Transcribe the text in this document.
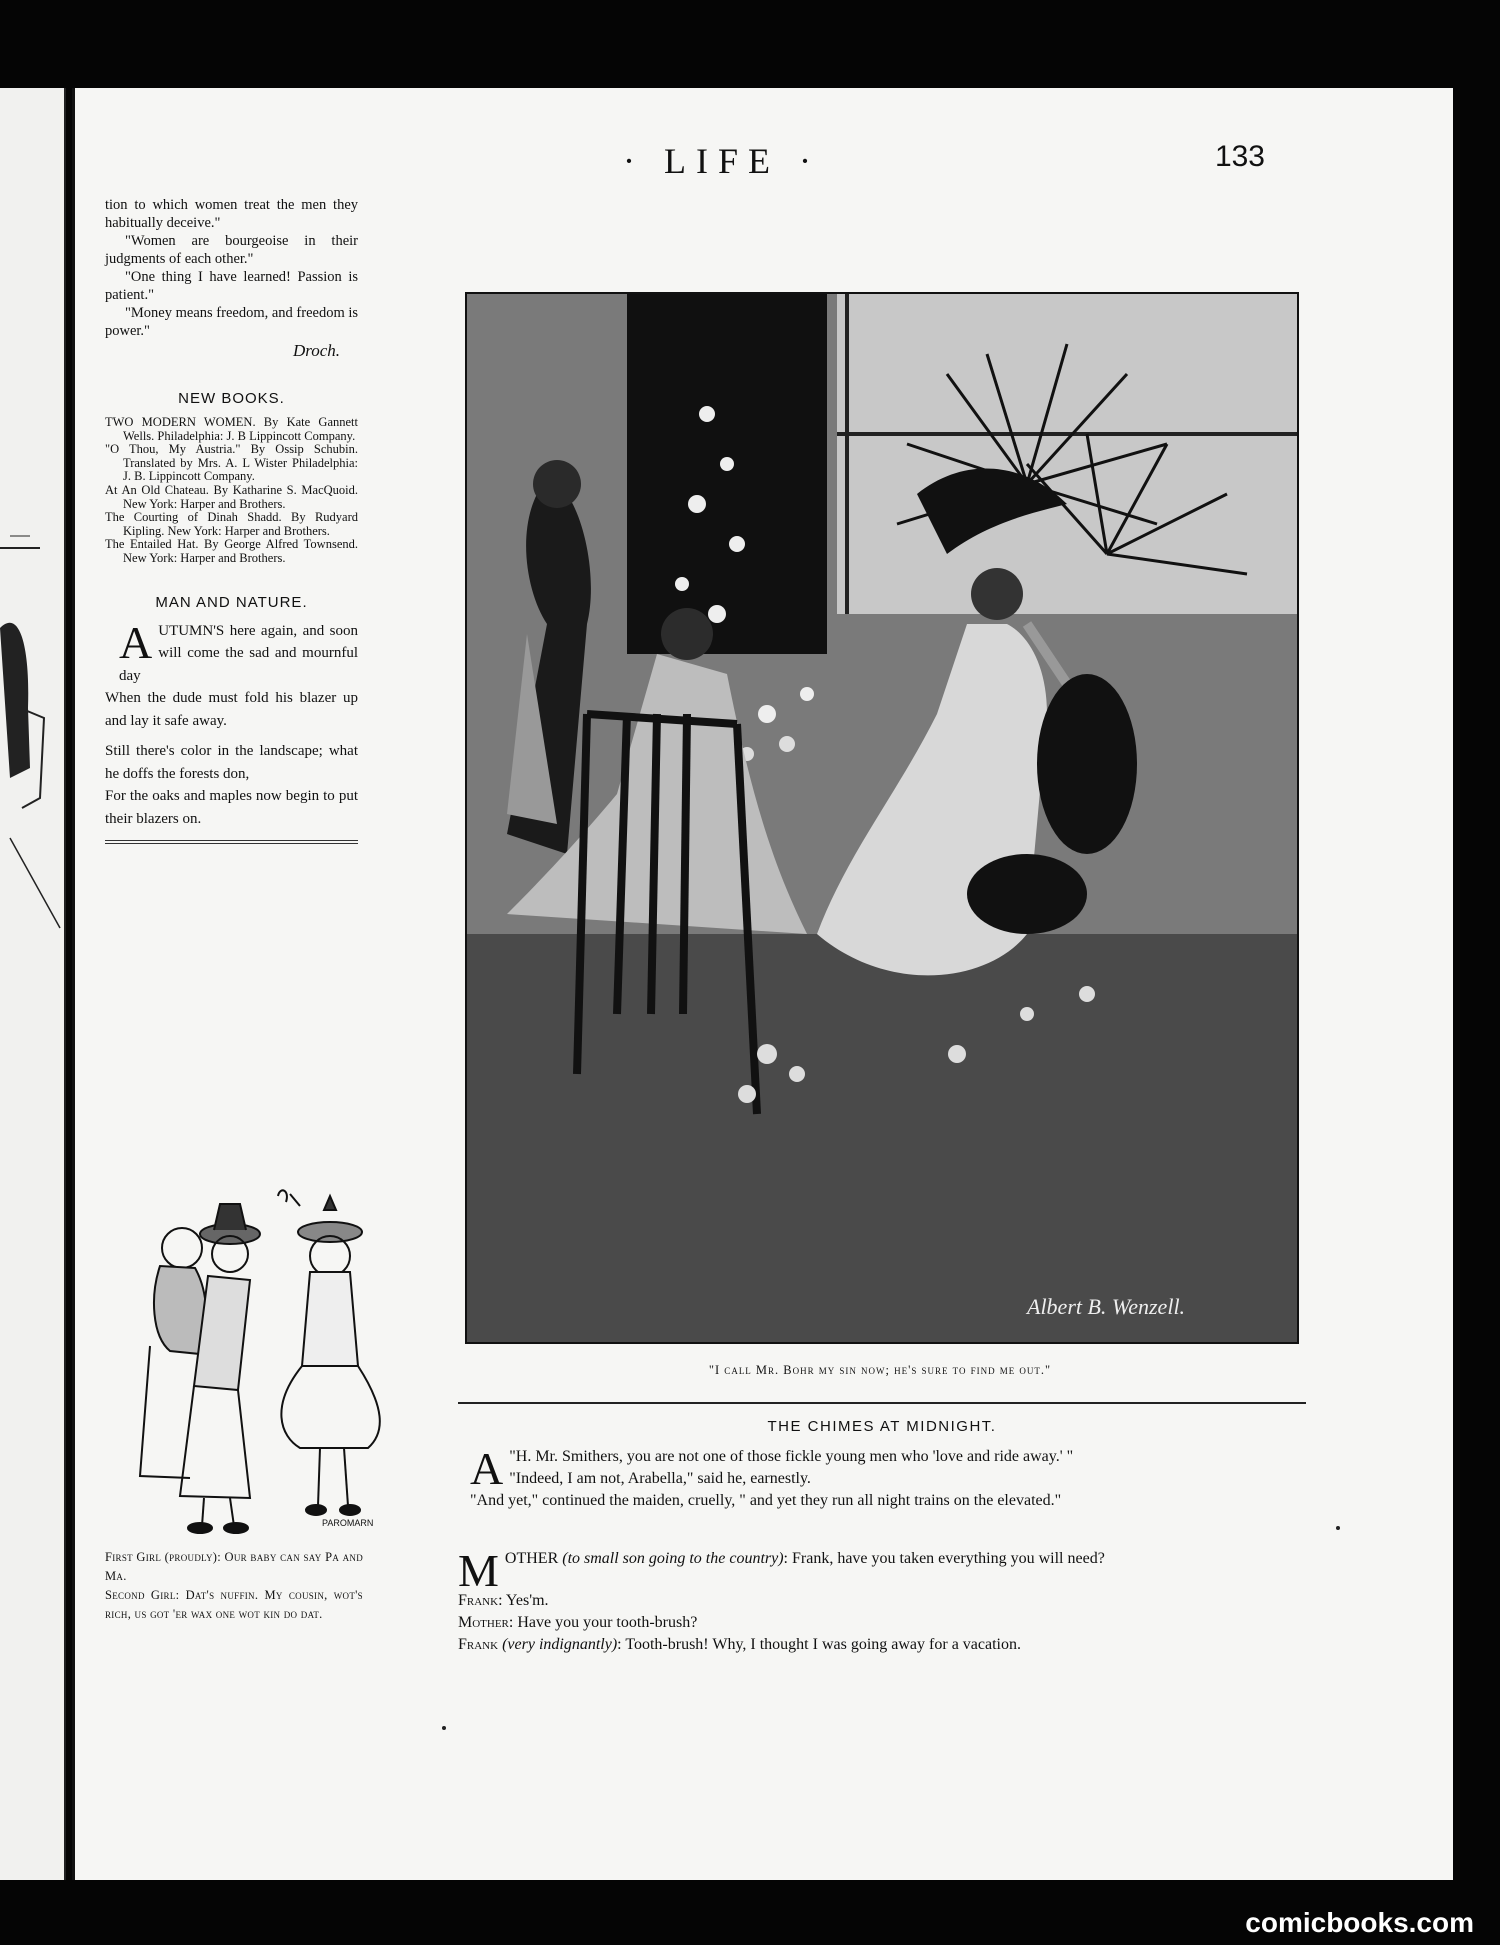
· LIFE ·	133

tion to which women treat the men they habitually deceive."

"Women are bourgeoise in their judgments of each other."

"One thing I have learned! Passion is patient."

"Money means freedom, and freedom is power."

Droch.

NEW BOOKS.

TWO MODERN WOMEN. By Kate Gannett Wells. Philadelphia: J. B Lippincott Company.

"O Thou, My Austria." By Ossip Schubin. Translated by Mrs. A. L Wister Philadelphia: J. B. Lippincott Company.

At An Old Chateau. By Katharine S. MacQuoid. New York: Harper and Brothers.

The Courting of Dinah Shadd. By Rudyard Kipling. New York: Harper and Brothers.

The Entailed Hat. By George Alfred Townsend. New York: Harper and Brothers.

MAN AND NATURE.

AUTUMN'S here again, and soon will come the sad and mournful day

When the dude must fold his blazer up and lay it safe away.

Still there's color in the landscape; what he doffs the forests don,

For the oaks and maples now begin to put their blazers on.

PAROMARN

First Girl (proudly): Our baby can say Pa and Ma.

Second Girl: Dat's nuffin. My cousin, wot's rich, us got 'er wax one wot kin do dat.

Albert B. Wenzell.
"I call Mr. Bohr my sin now; he's sure to find me out."
THE CHIMES AT MIDNIGHT.

"
A H. Mr. Smithers, you are not one of those fickle young men who 'love and ride away.' "

"Indeed, I am not, Arabella," said he, earnestly.

"And yet," continued the maiden, cruelly, " and yet they run all night trains on the elevated."

MOTHER (to small son going to the country): Frank, have you taken everything you will need?

Frank: Yes'm.

Mother: Have you your tooth-brush?

Frank (very indignantly): Tooth-brush! Why, I thought I was going away for a vacation.

comicbooks.com
